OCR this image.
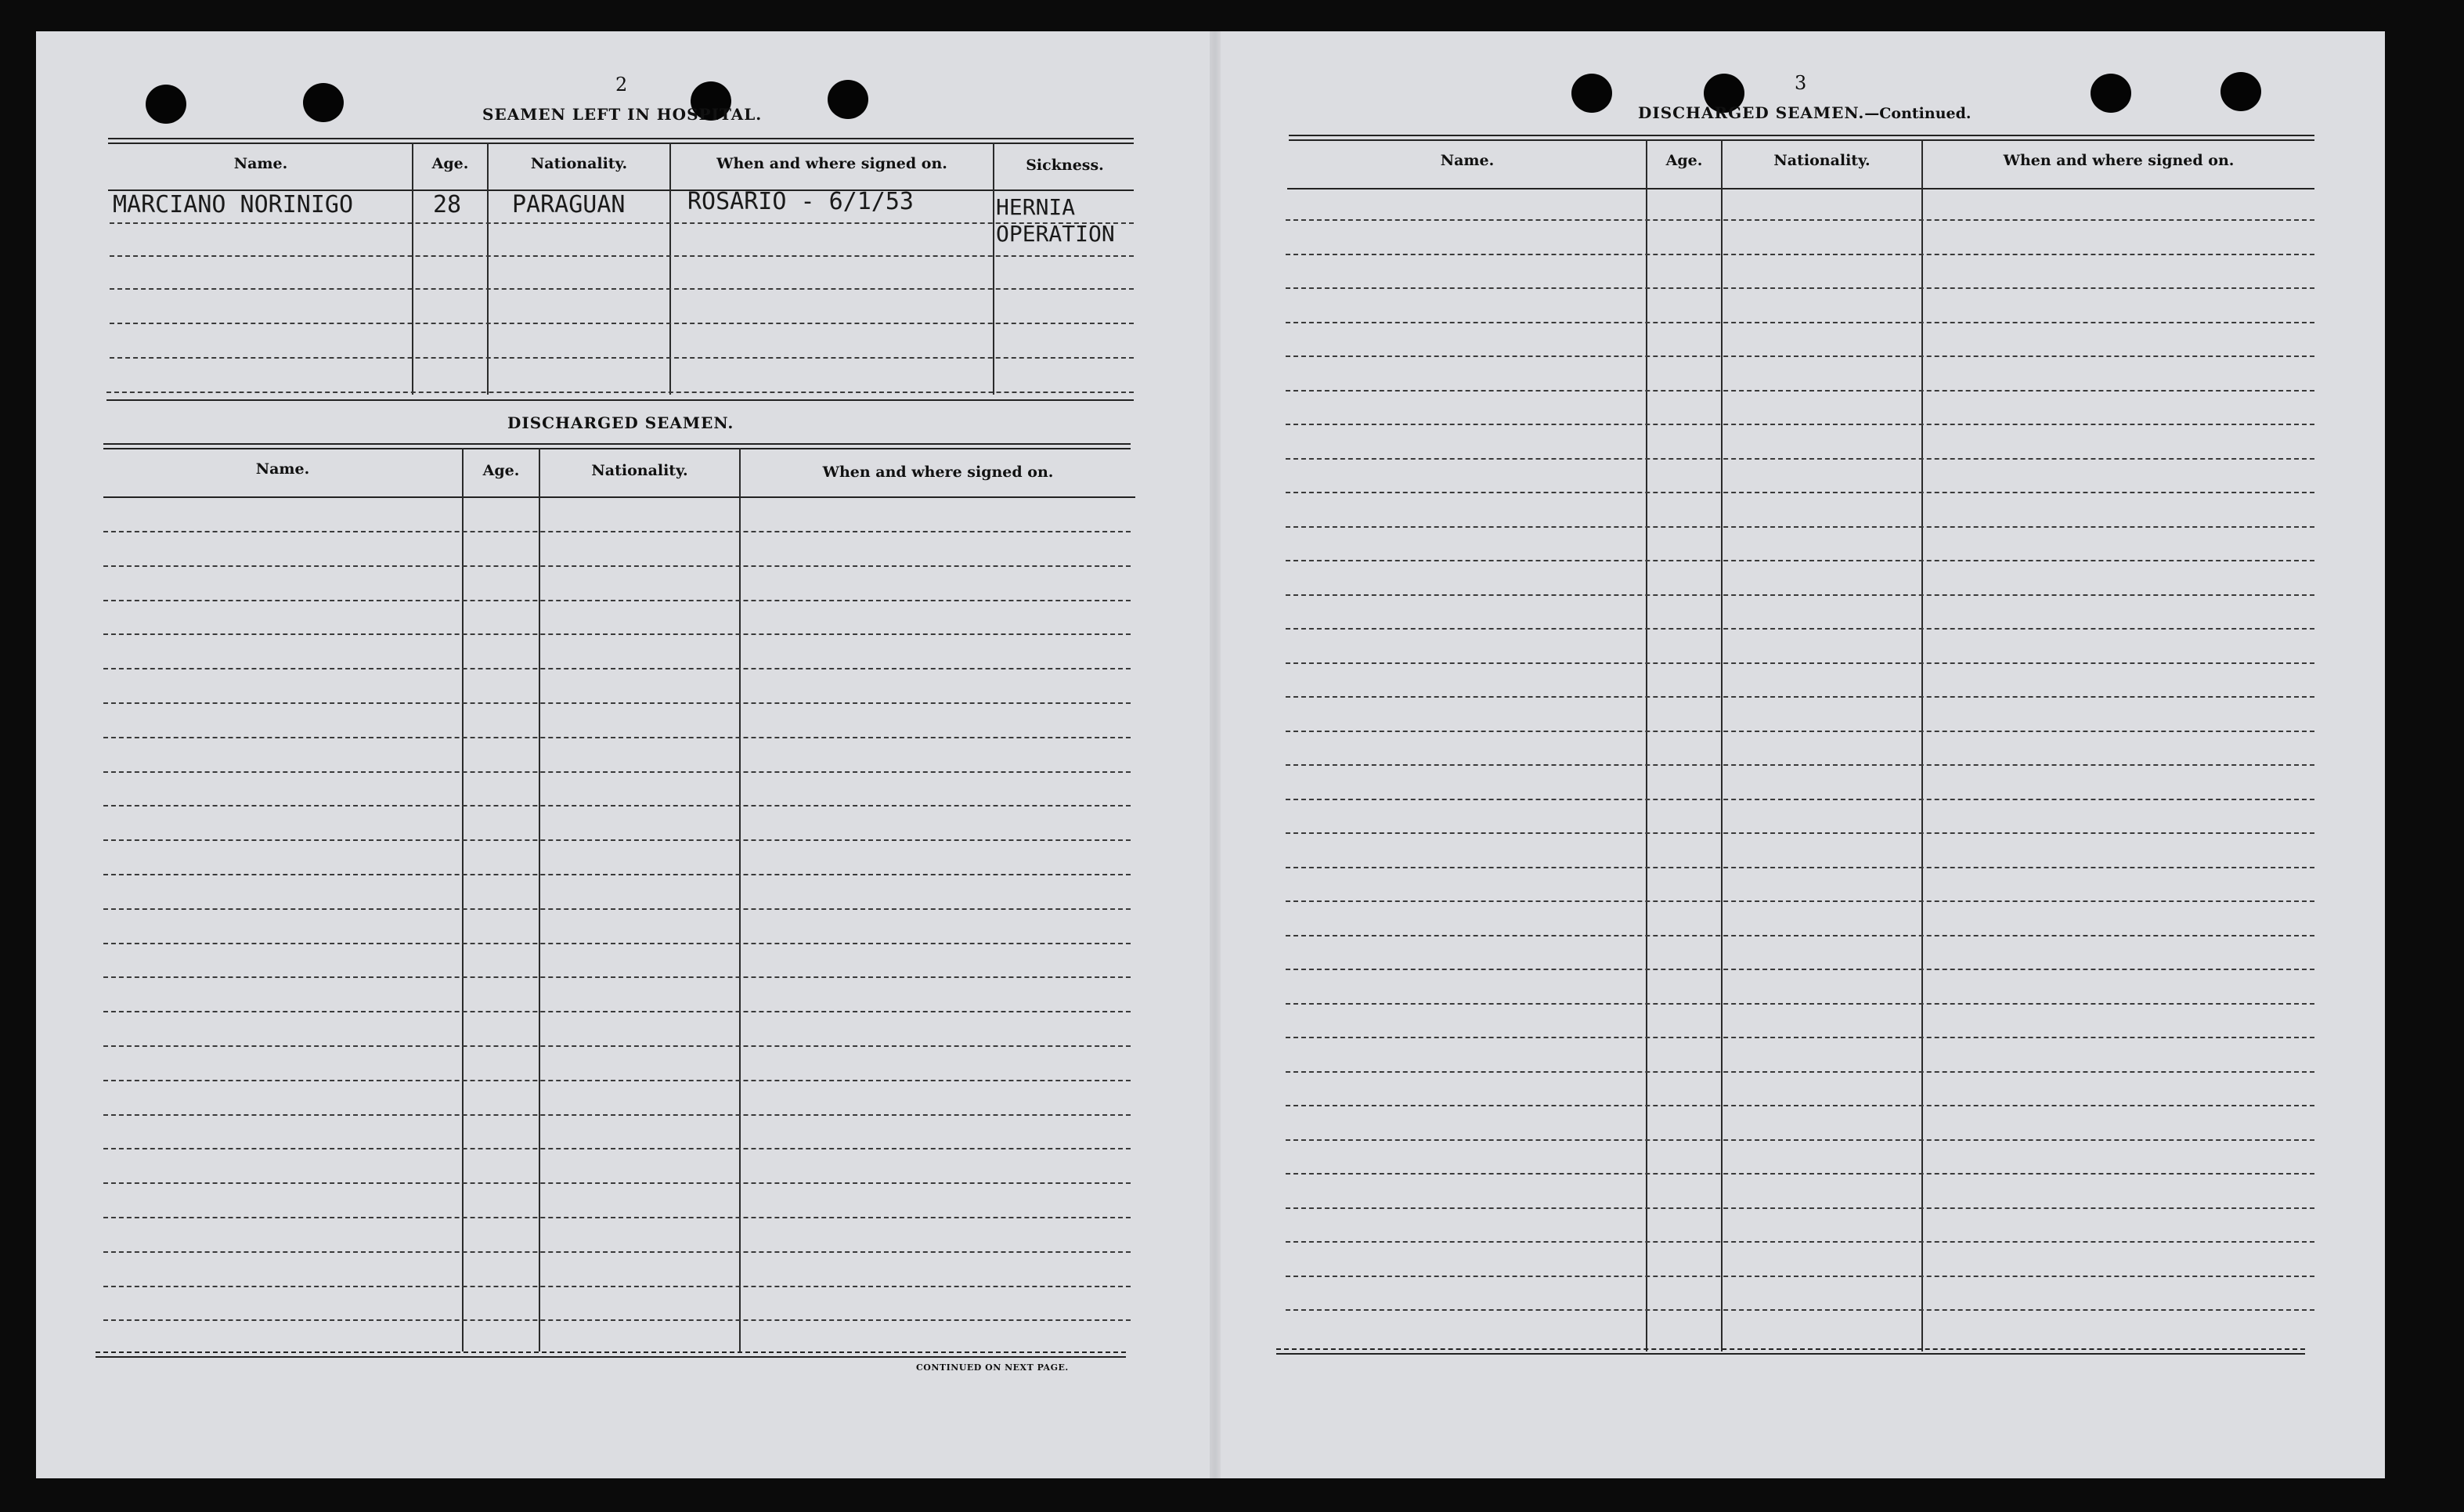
2
SEAMEN LEFT IN HOSPITAL.
Name.	Age.	Nationality.	When and where signed on.	Sickness.
MARCIANO NORINIGO	28 PARAGUAN	ROSARIO - 6/1/53	HERNIA
OPERATION
DISCHARGED SEAMEN.
Name.	Age.	Nationality.	When and where signed on.
CONTINUED ON NEXT PAGE.
3
DISCHARGED SEAMEN.—Continued.
Name.	Age.	Nationality.	When and where signed on.
